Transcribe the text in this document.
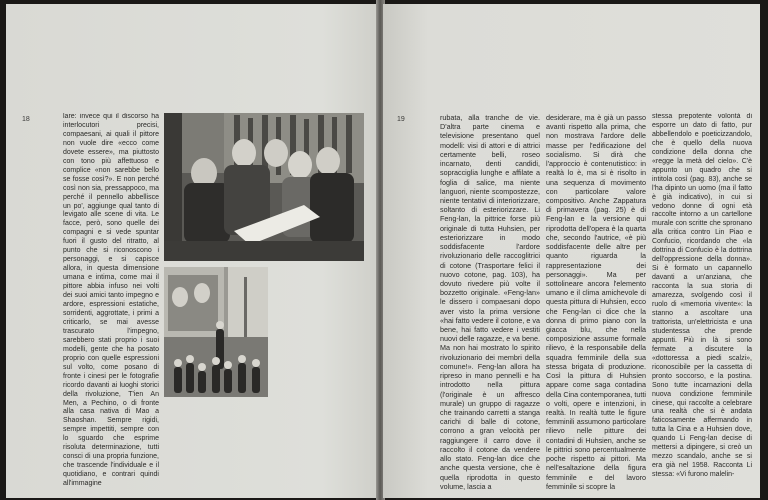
18	lare: invece qui il discorso ha interlocutori precisi, compaesani, ai quali il pittore non vuole dire «ecco come dovete essere», ma piuttosto con tono più affettuoso e complice «non sarebbe bello se fosse così?». E non perché così non sia, pressappoco, ma perché il pennello abbellisce un po', aggiunge qual tanto di levigato alle scene di vita. Le facce, però, sono quelle dei compagni e si vede spuntar fuori il gusto del ritratto, al punto che si riconoscono i personaggi, e si capisce allora, in questa dimensione umana e intima, come mai il pittore abbia infuso nei volti dei suoi amici tanto impegno e ardore, espressioni estatiche, sorridenti, aggrottate, i primi a criticarlo, se mai avesse trascurato l'impegno, sarebbero stati proprio i suoi modelli, gente che ha posato proprio con quelle espressioni sul volto, come posano di fronte i cinesi per le fotografie ricordo davanti ai luoghi storici della rivoluzione, T'ien An Men, a Pechino, o di fronte alla casa nativa di Mao a Shaoshan. Sempre rigidi, sempre impettiti, sempre con lo sguardo che esprime risoluta determinazione, tutti consci di una propria funzione, che trascende l'individuale e il quotidiano, e contrari quindi all'immagine

19	rubata, alla tranche de vie. D'altra parte cinema e televisione presentano quel modelli: visi di attori e di attrici certamente belli, roseo incarnato, denti candidi, sopracciglia lunghe e affilate a foglia di salice, ma niente languori, niente scompostezze, niente tentativi di interiorizzare, soltanto di esteriorizzare. Li Feng-lan, la pittrice forse più originale di tutta Huhsien, per esteriorizzare in modo soddisfacente l'ardore rivoluzionario delle raccoglitrici di cotone (Trasportare felici il nuovo cotone, pag. 103), ha dovuto rivedere più volte il bozzetto originale. «Feng-lan» le dissero i compaesani dopo aver visto la prima versione «hai fatto vedere il cotone, e va bene, hai fatto vedere i vestiti nuovi delle ragazze, e va bene. Ma non hai mostrato lo spirito rivoluzionario dei membri della comune!». Feng-lan allora ha ripreso in mano pennelli e ha introdotto nella pittura (l'originale è un affresco murale) un gruppo di ragazze che trainando carretti a stanga carichi di balle di cotone, corrono a gran velocità per raggiungere il carro dove il raccolto il cotone da vendere allo stato. Feng-lan dice che anche questa versione, che è quella riprodotta in questo volume, lascia a

desiderare, ma è già un passo avanti rispetto alla prima, che non mostrava l'ardore delle masse per l'edificazione del socialismo. Si dirà che l'approccio è contenutistico: in realtà lo è, ma si è risolto in una sequenza di movimento con particolare valore compositivo. Anche Zappatura di primavera (pag. 25) è di Feng-lan e la versione qui riprodotta dell'opera è la quarta che, secondo l'autrice, «è più soddisfacente delle altre per quanto riguarda la rappresentazione dei personaggi». Ma per sottolineare ancora l'elemento umano e il clima amichevole di questa pittura di Huhsien, ecco che Feng-lan ci dice che la donna di primo piano con la giacca blu, che nella composizione assume formale rilievo, è la responsabile della squadra femminile della sua stessa brigata di produzione. Così la pittura di Huhsien appare come saga contadina della Cina contemporanea, tutti o volti, opere e intenzioni, in realtà. In realtà tutte le figure femminili assumono particolare rilievo nelle pitture dei contadini di Huhsien, anche se le pittrici sono percentualmente poche rispetto ai pittori. Ma nell'esaltazione della figura femminile e del lavoro femminile si scopre la

stessa prepotente volontà di esporre un dato di fatto, pur abbellendolo e poeticizzandolo, che è quello della nuova condizione della donna che «regge la metà del cielo». C'è appunto un quadro che si intitola così (pag. 83), anche se l'ha dipinto un uomo (ma il fatto è già indicativo), in cui si vedono donne di ogni età raccolte intorno a un cartellone murale con scritte che spronano alla critica contro Lin Piao e Confucio, ricordando che «la dottrina di Confucio è la dottrina dell'oppressione della donna». Si è formato un capannello davanti a un'anziana, che racconta la sua storia di amarezza, svolgendo così il ruolo di «memoria vivente»: la stanno a ascoltare una trattorista, un'elettricista e una studentessa che prende appunti. Più in là si sono fermate a discutere la «dottoressa a piedi scalzi», riconoscibile per la cassetta di pronto soccorso, e la postina. Sono tutte incarnazioni della nuova condizione femminile cinese, qui raccolte a celebrare una realtà che si è andata faticosamente affermando in tutta la Cina e a Huhsien dove, quando Li Feng-lan decise di mettersi a dipingere, si creò un mezzo scandalo, anche se si era già nel 1958. Racconta Li stessa: «Vi furono malelin-
